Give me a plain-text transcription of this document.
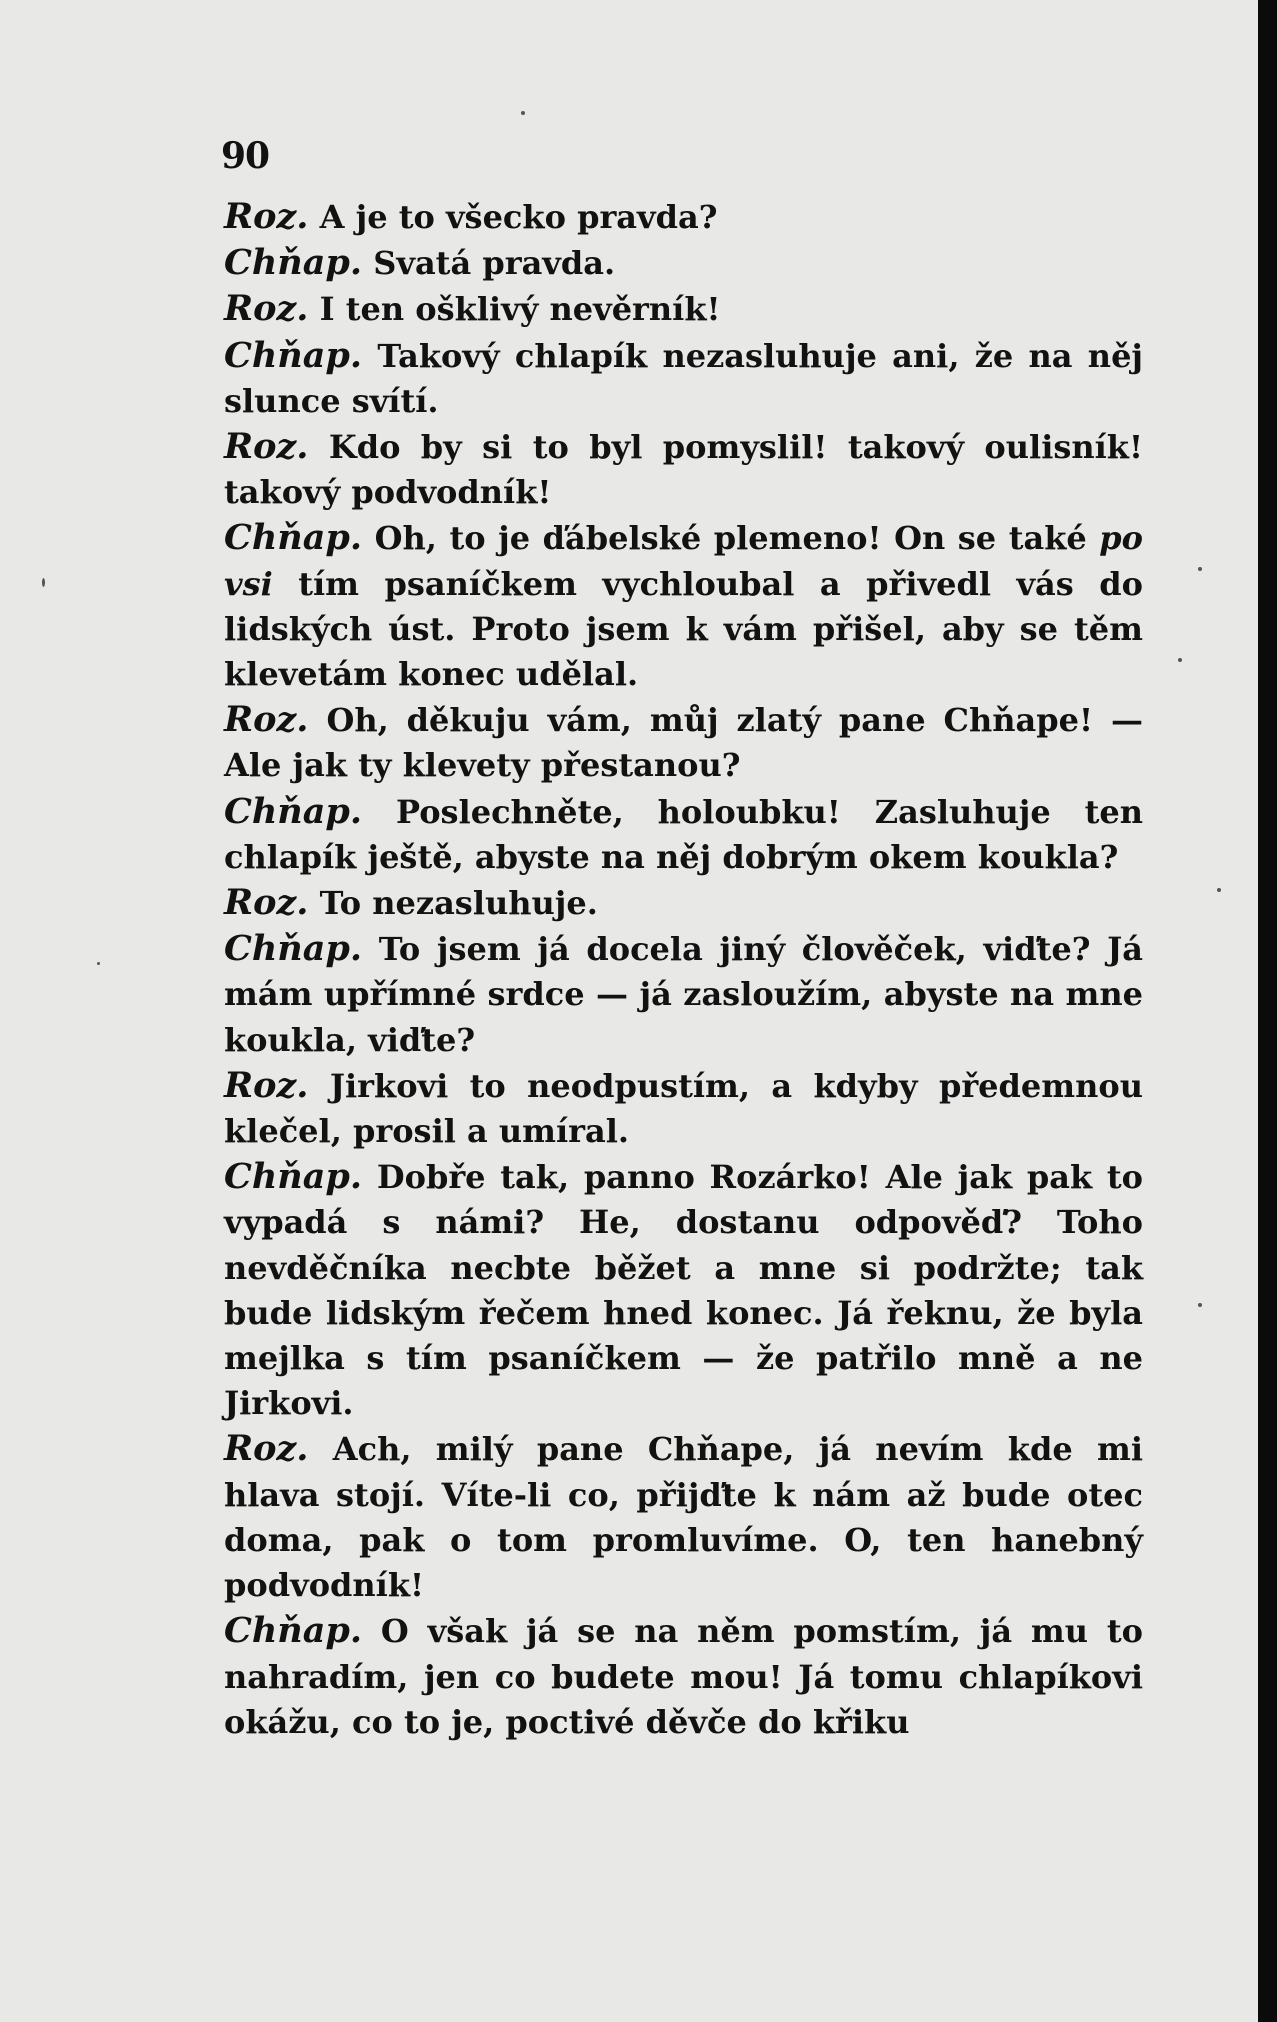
90

Roz. A je to všecko pravda?

Chňap. Svatá pravda.

Roz. I ten ošklivý nevěrník!

Chňap. Takový chlapík nezasluhuje ani, že na něj slunce svítí.

Roz. Kdo by si to byl pomyslil! takový oulisník! takový podvodník!

Chňap. Oh, to je ďábelské plemeno! On se také po vsi tím psaníčkem vychloubal a přivedl vás do lidských úst. Proto jsem k vám přišel, aby se těm klevetám konec udělal.

Roz. Oh, děkuju vám, můj zlatý pane Chňape! — Ale jak ty klevety přestanou?

Chňap. Poslechněte, holoubku! Zasluhuje ten chlapík ještě, abyste na něj dobrým okem koukla?

Roz. To nezasluhuje.

Chňap. To jsem já docela jiný člověček, viďte? Já mám upřímné srdce — já zasloužím, abyste na mne koukla, viďte?

Roz. Jirkovi to neodpustím, a kdyby předemnou klečel, prosil a umíral.

Chňap. Dobře tak, panno Rozárko! Ale jak pak to vypadá s námi? He, dostanu odpověď? Toho nevděčníka necbte běžet a mne si podržte; tak bude lidským řečem hned konec. Já řeknu, že byla mejlka s tím psaníčkem — že patřilo mně a ne Jirkovi.

Roz. Ach, milý pane Chňape, já nevím kde mi hlava stojí. Víte-li co, přijďte k nám až bude otec doma, pak o tom promluvíme. O, ten hanebný podvodník!

Chňap. O však já se na něm pomstím, já mu to nahradím, jen co budete mou! Já tomu chlapíkovi okážu, co to je, poctivé děvče do křiku
